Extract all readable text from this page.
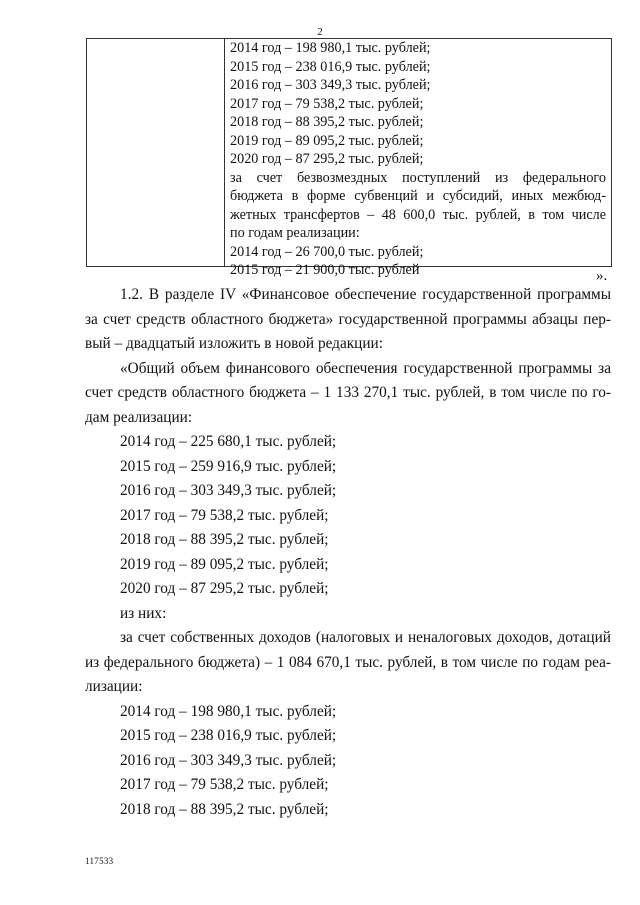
2
2014 год – 198 980,1 тыс. рублей;
2015 год – 238 016,9 тыс. рублей;
2016 год – 303 349,3 тыс. рублей;
2017 год – 79 538,2 тыс. рублей;
2018 год – 88 395,2 тыс. рублей;
2019 год – 89 095,2 тыс. рублей;
2020 год – 87 295,2 тыс. рублей;
за счет безвозмездных поступлений из федерального
бюджета в форме субвенций и субсидий, иных межбюд-
жетных трансфертов – 48 600,0 тыс. рублей, в том числе
по годам реализации:
2014 год – 26 700,0 тыс. рублей;
2015 год – 21 900,0 тыс. рублей	».

1.2. В разделе IV «Финансовое обеспечение государственной программы

за счет средств областного бюджета» государственной программы абзацы пер-

вый – двадцатый изложить в новой редакции:

«Общий объем финансового обеспечения государственной программы за

счет средств областного бюджета – 1 133 270,1 тыс. рублей, в том числе по го-

дам реализации:

2014 год – 225 680,1 тыс. рублей;

2015 год – 259 916,9 тыс. рублей;

2016 год – 303 349,3 тыс. рублей;

2017 год – 79 538,2 тыс. рублей;

2018 год – 88 395,2 тыс. рублей;

2019 год – 89 095,2 тыс. рублей;

2020 год – 87 295,2 тыс. рублей;

из них:

за счет собственных доходов (налоговых и неналоговых доходов, дотаций

из федерального бюджета) – 1 084 670,1 тыс. рублей, в том числе по годам реа-

лизации:

2014 год – 198 980,1 тыс. рублей;

2015 год – 238 016,9 тыс. рублей;

2016 год – 303 349,3 тыс. рублей;

2017 год – 79 538,2 тыс. рублей;

2018 год – 88 395,2 тыс. рублей;

117533
